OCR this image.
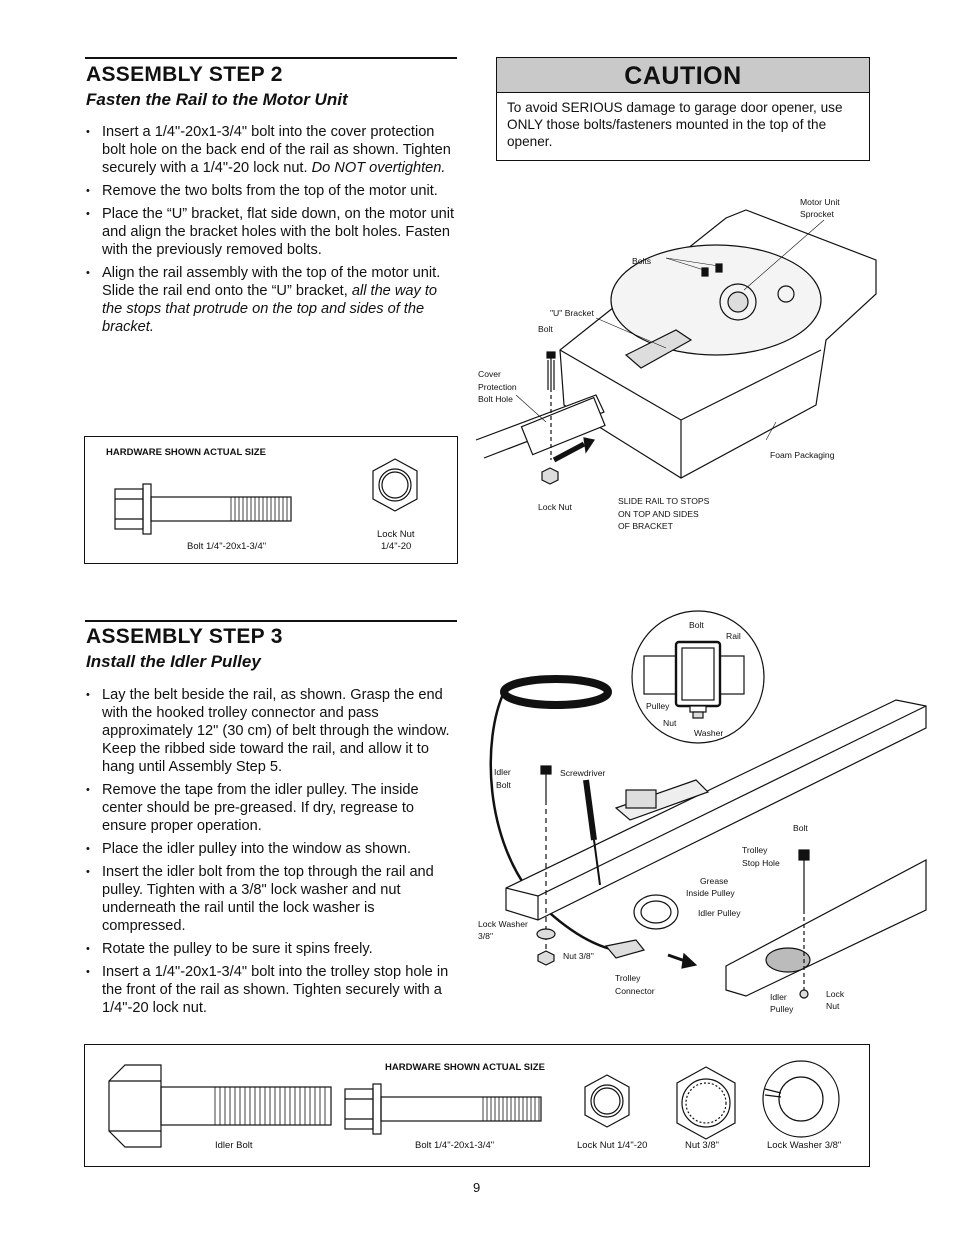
ASSEMBLY STEP 2
Fasten the Rail to the Motor Unit
• Insert a 1/4"-20x1-3/4" bolt into the cover protection bolt hole on the back end of the rail as shown. Tighten securely with a 1/4"-20 lock nut. Do NOT overtighten.
• Remove the two bolts from the top of the motor unit.
• Place the “U” bracket, flat side down, on the motor unit and align the bracket holes with the bolt holes. Fasten with the previously removed bolts.
• Align the rail assembly with the top of the motor unit. Slide the rail end onto the “U” bracket, all the way to the stops that protrude on the top and sides of the bracket.
HARDWARE SHOWN ACTUAL SIZE
Bolt 1/4"-20x1-3/4"
Lock Nut
1/4"-20
CAUTION
To avoid SERIOUS damage to garage door opener, use ONLY those bolts/fasteners mounted in the top of the opener.
Motor Unit
Sprocket
Bolts
"U" Bracket
Bolt
Cover
Protection
Bolt Hole
Foam Packaging
Lock Nut
SLIDE RAIL TO STOPS
ON TOP AND SIDES
OF BRACKET
ASSEMBLY STEP 3
Install the Idler Pulley
• Lay the belt beside the rail, as shown. Grasp the end with the hooked trolley connector and pass approximately 12" (30 cm) of belt through the window. Keep the ribbed side toward the rail, and allow it to hang until Assembly Step 5.
• Remove the tape from the idler pulley. The inside center should be pre-greased. If dry, regrease to ensure proper operation.
• Place the idler pulley into the window as shown.
• Insert the idler bolt from the top through the rail and pulley. Tighten with a 3/8" lock washer and nut underneath the rail until the lock washer is compressed.
• Rotate the pulley to be sure it spins freely.
• Insert a 1/4"-20x1-3/4" bolt into the trolley stop hole in the front of the rail as shown. Tighten securely with a 1/4"-20 lock nut.
Bolt
Rail
Pulley
Nut
Washer
Idler
Bolt
Screwdriver
Bolt
Trolley
Stop Hole
Grease
Inside Pulley
Idler Pulley
Lock Washer
3/8"
Nut 3/8"
Trolley
Connector
Idler
Pulley
Lock
Nut
HARDWARE SHOWN ACTUAL SIZE
Idler Bolt	Bolt 1/4"-20x1-3/4"	Lock Nut 1/4"-20	Nut 3/8"	Lock Washer 3/8"
9
